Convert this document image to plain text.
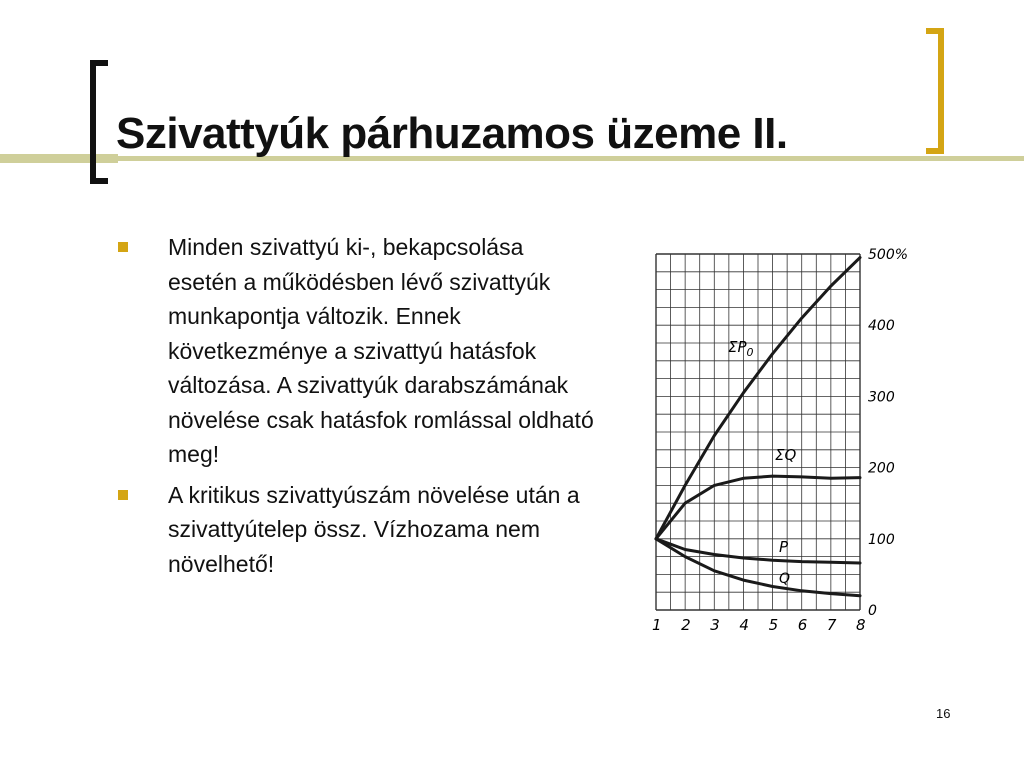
Szivattyúk párhuzamos üzeme II.
Minden szivattyú ki-, bekapcsolása esetén a működésben lévő szivattyúk munkapontja változik. Ennek következménye a szivattyú hatásfok változása. A szivattyúk darabszámának növelése csak hatásfok romlással oldható meg!
A kritikus szivattyúszám növelése után a szivattyútelep össz. Vízhozama nem növelhető!
1 2 3 4 5 6 7 8
0
100
200
300
400
500%
$\Sigma P_0$
ΣQ
P
Q
16
